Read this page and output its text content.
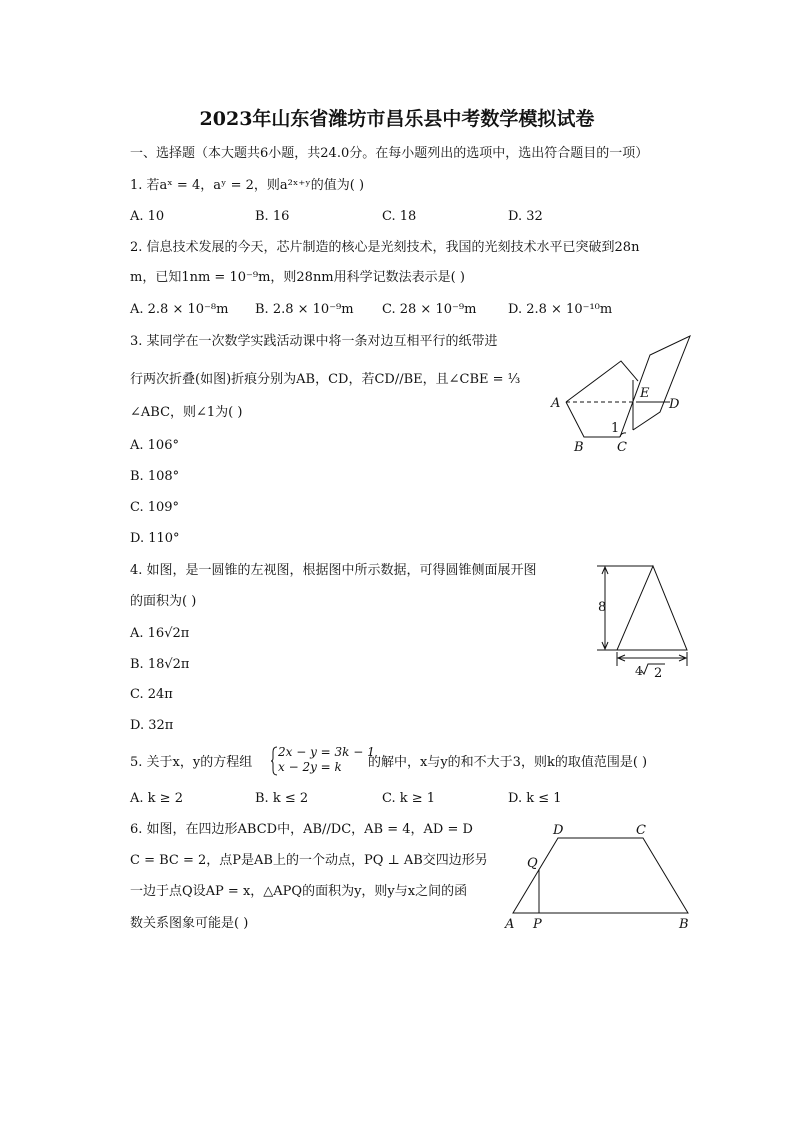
2023年山东省潍坊市昌乐县中考数学模拟试卷
一、选择题（本大题共6小题，共24.0分。在每小题列出的选项中，选出符合题目的一项）
1. 若aˣ = 4，aʸ = 2，则a²ˣ⁺ʸ的值为( )
A. 10	B. 16	C. 18	D. 32
2. 信息技术发展的今天，芯片制造的核心是光刻技术，我国的光刻技术水平已突破到28n
m，已知1nm = 10⁻⁹m，则28nm用科学记数法表示是( )
A. 2.8 × 10⁻⁸m B. 2.8 × 10⁻⁹m C. 28 × 10⁻⁹m D. 2.8 × 10⁻¹⁰m
3. 某同学在一次数学实践活动课中将一条对边互相平行的纸带进
行两次折叠(如图)折痕分别为AB，CD，若CD//BE，且∠CBE = ⅓
∠ABC，则∠1为( )
A. 106°
B. 108°
C. 109°
D. 110°
A
B	C
D
E
1
4. 如图，是一圆锥的左视图，根据图中所示数据，可得圆锥侧面展开图
的面积为( )
A. 16√2π
B. 18√2π
C. 24π
D. 32π
8
4 2
5. 关于x，y的方程组
2x − y = 3k − 1
x − 2y = k 的解中，x与y的和不大于3，则k的取值范围是( )
A. k ≥ 2	B. k ≤ 2	C. k ≥ 1	D. k ≤ 1
6. 如图，在四边形ABCD中，AB//DC，AB = 4，AD = D
C = BC = 2，点P是AB上的一个动点，PQ ⊥ AB交四边形另
一边于点Q设AP = x，△APQ的面积为y，则y与x之间的函
数关系图象可能是( )	A	B
C
D
P
Q
